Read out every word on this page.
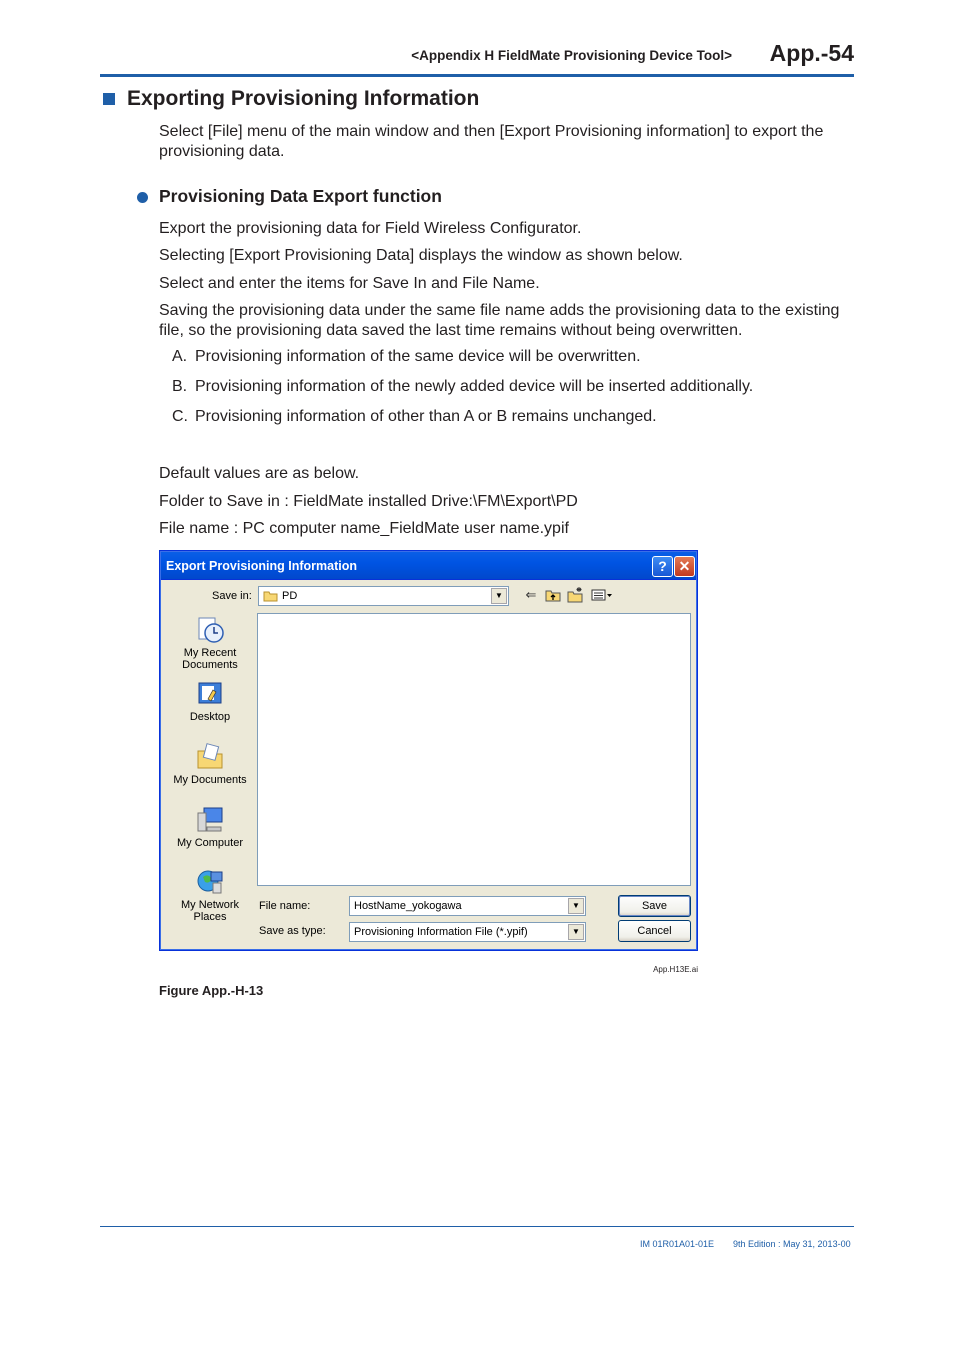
<Appendix H FieldMate Provisioning Device Tool>	App.-54
Exporting Provisioning Information
Select [File] menu of the main window and then [Export Provisioning information] to export the provisioning data.
Provisioning Data Export function
Export the provisioning data for Field Wireless Configurator.
Selecting [Export Provisioning Data] displays the window as shown below.
Select and enter the items for Save In and File Name.
Saving the provisioning data under the same file name adds the provisioning data to the existing file, so the provisioning data saved the last time remains without being overwritten.
A. Provisioning information of the same device will be overwritten.
B. Provisioning information of the newly added device will be inserted additionally.
C. Provisioning information of other than A or B remains unchanged.
Default values are as below.
Folder to Save in : FieldMate installed Drive:\FM\Export\PD
File name : PC computer name_FieldMate user name.ypif
Export Provisioning Information	? ✕
Save in:	PD	▼	⇐
My Recent Documents
Desktop
My Documents
My Computer
My Network Places
File name:	HostName_yokogawa	▼
Save as type:	Provisioning Information File (*.ypif)	▼
Save
Cancel
App.H13E.ai
Figure App.-H-13
IM 01R01A01-01E 9th Edition : May 31, 2013-00
